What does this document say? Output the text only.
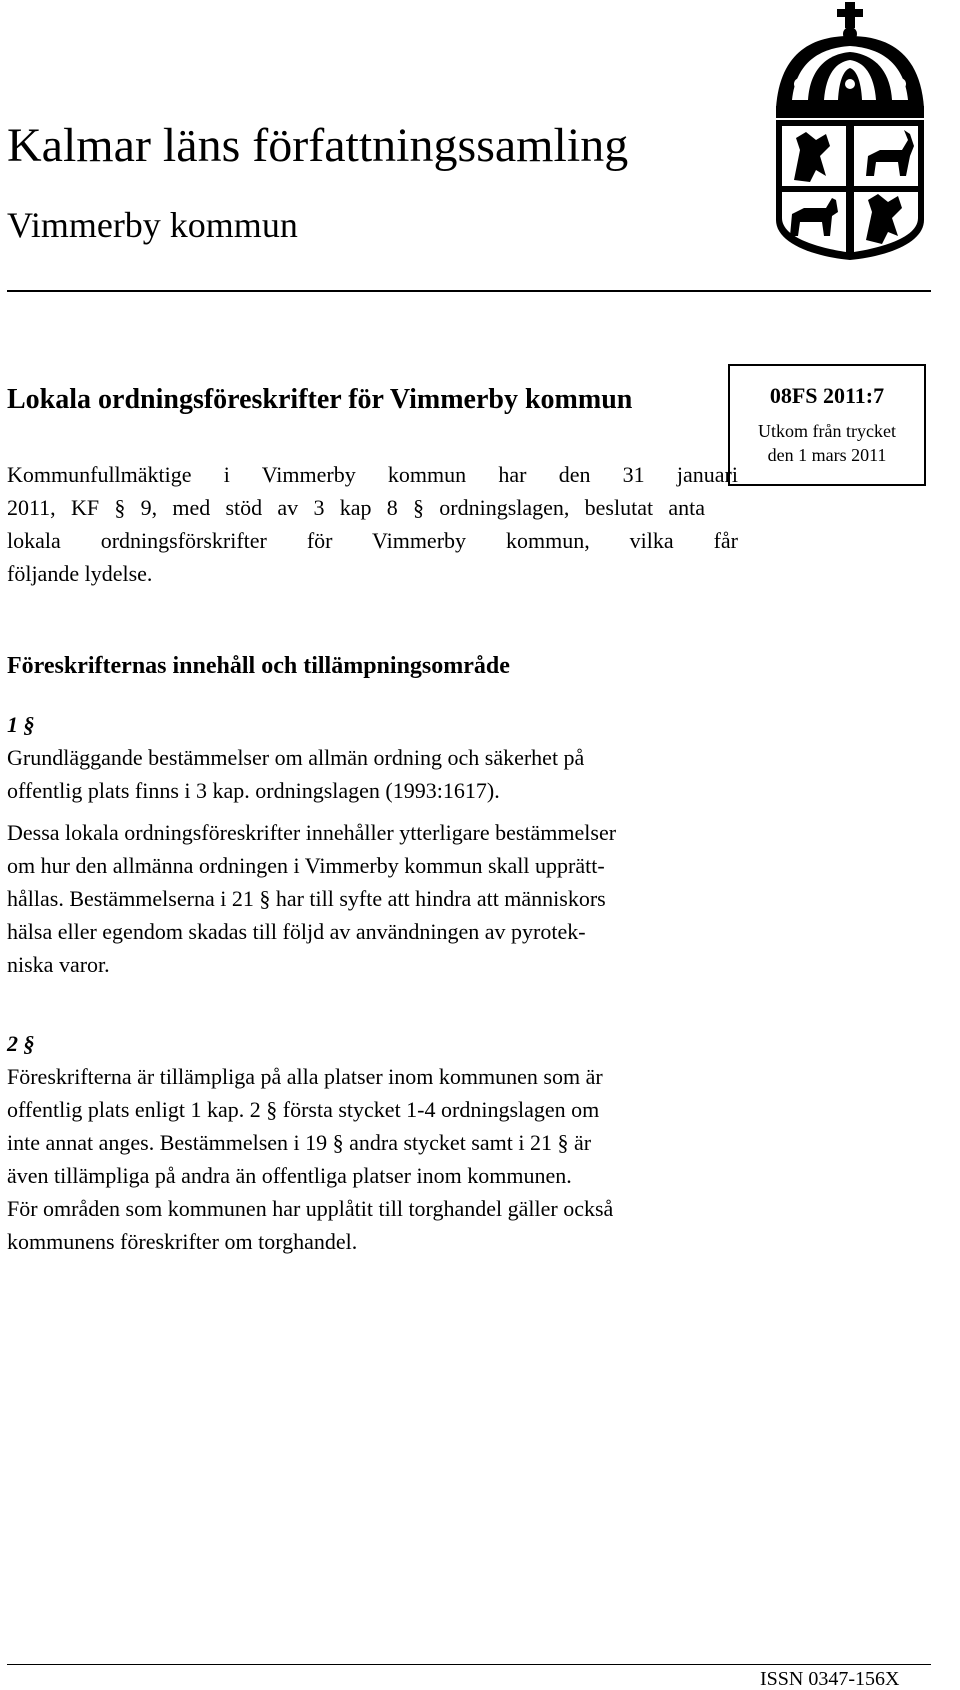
Kalmar läns författningssamling
Vimmerby kommun
Lokala ordningsföreskrifter för Vimmerby kommun	08FS 2011:7
Utkom från trycket
den 1 mars 2011
Kommunfullmäktige i Vimmerby kommun har den 31 januari
2011, KF § 9, med stöd av 3 kap 8 § ordningslagen, beslutat anta
lokala ordningsförskrifter för Vimmerby kommun, vilka får
följande lydelse.
Föreskrifternas innehåll och tillämpningsområde
1 §
Grundläggande bestämmelser om allmän ordning och säkerhet på
offentlig plats finns i 3 kap. ordningslagen (1993:1617).
Dessa lokala ordningsföreskrifter innehåller ytterligare bestämmelser
om hur den allmänna ordningen i Vimmerby kommun skall upprätt-
hållas. Bestämmelserna i 21 § har till syfte att hindra att människors
hälsa eller egendom skadas till följd av användningen av pyrotek-
niska varor.
2 §
Föreskrifterna är tillämpliga på alla platser inom kommunen som är
offentlig plats enligt 1 kap. 2 § första stycket 1-4 ordningslagen om
inte annat anges. Bestämmelsen i 19 § andra stycket samt i 21 § är
även tillämpliga på andra än offentliga platser inom kommunen.
För områden som kommunen har upplåtit till torghandel gäller också
kommunens föreskrifter om torghandel.
ISSN 0347-156X
